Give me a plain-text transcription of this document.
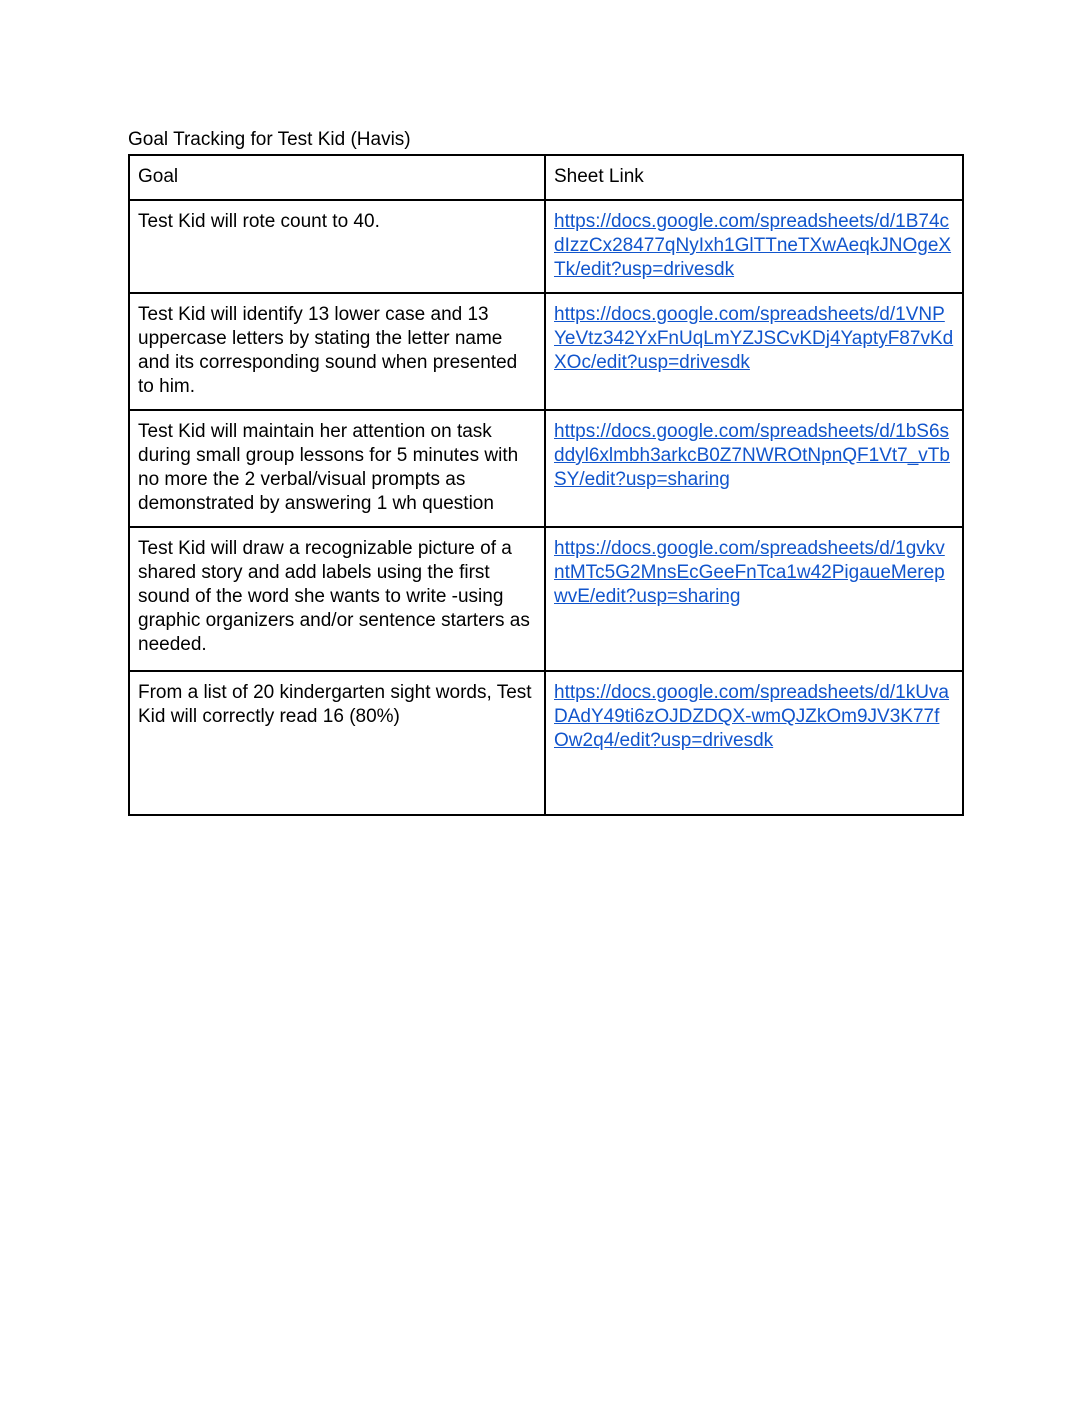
Goal Tracking for Test Kid (Havis)
Goal	Sheet Link
Test Kid will rote count to 40.	https://docs.google.com/spreadsheets/d/1B74cdIzzCx28477qNyIxh1GlTTneTXwAeqkJNOgeXTk/edit?usp=drivesdk
Test Kid will identify 13 lower case and 13 uppercase letters by stating the letter name and its corresponding sound when presented to him.	https://docs.google.com/spreadsheets/d/1VNPYeVtz342YxFnUqLmYZJSCvKDj4YaptyF87vKdXOc/edit?usp=drivesdk
Test Kid will maintain her attention on task during small group lessons for 5 minutes with no more the 2 verbal/visual prompts as demonstrated by answering 1 wh question	https://docs.google.com/spreadsheets/d/1bS6sddyl6xlmbh3arkcB0Z7NWROtNpnQF1Vt7_vTbSY/edit?usp=sharing
Test Kid will draw a recognizable picture of a shared story and add labels using the first sound of the word she wants to write -using graphic organizers and/or sentence starters as needed.	https://docs.google.com/spreadsheets/d/1gvkvntMTc5G2MnsEcGeeFnTca1w42PigaueMerepwvE/edit?usp=sharing
From a list of 20 kindergarten sight words, Test Kid will correctly read 16 (80%)	https://docs.google.com/spreadsheets/d/1kUvaDAdY49ti6zOJDZDQX-wmQJZkOm9JV3K77fOw2q4/edit?usp=drivesdk
